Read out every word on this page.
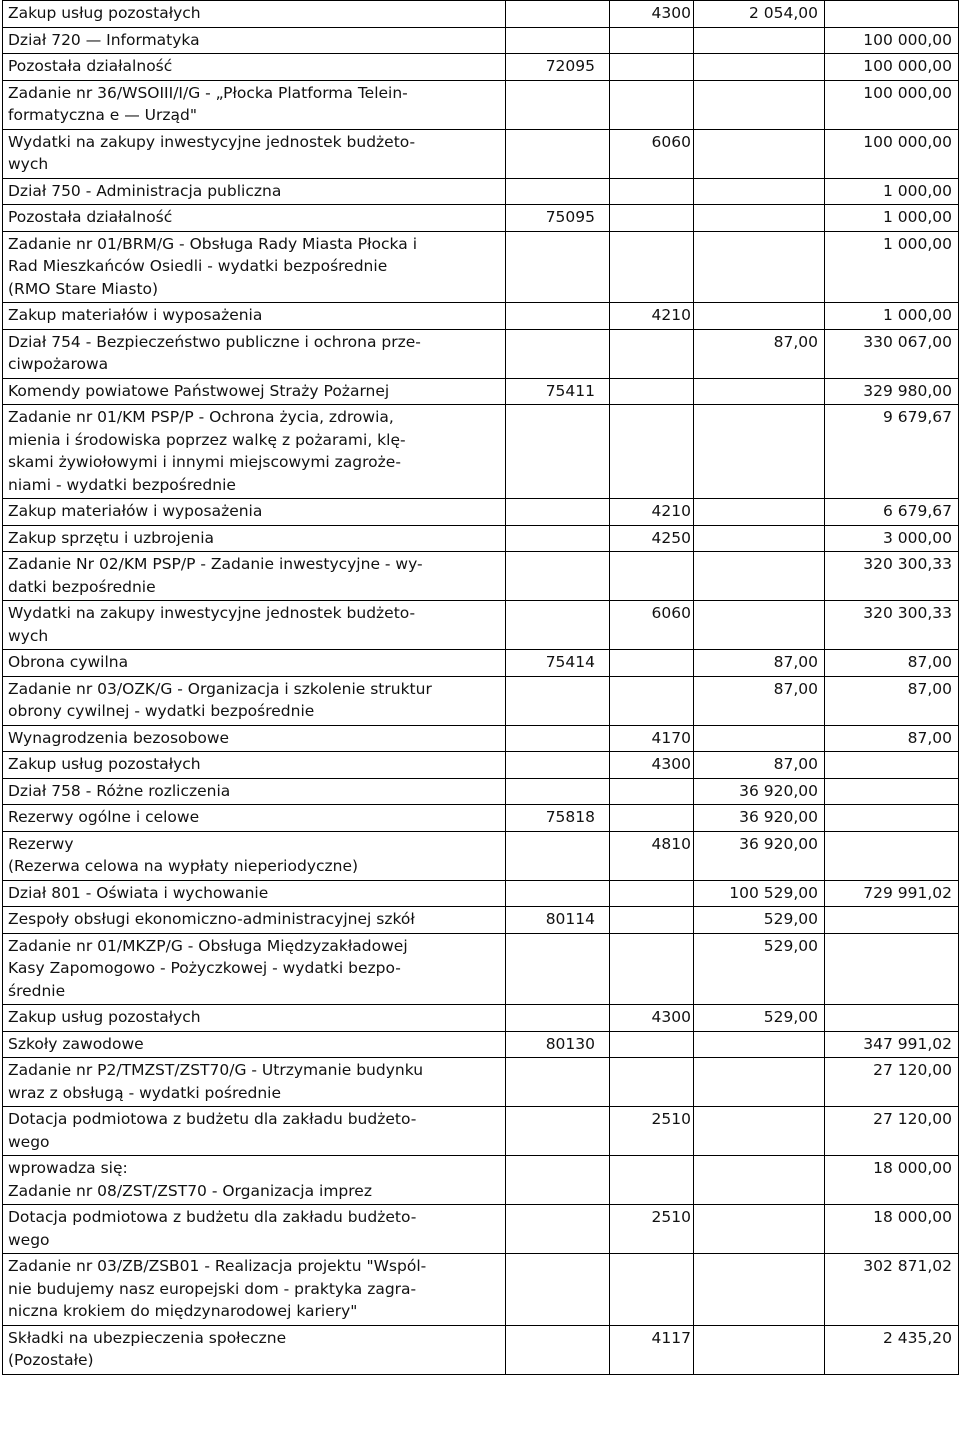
Zakup usług pozostałych		4300	2 054,00	
Dział 720 — Informatyka				100 000,00
Pozostała działalność	72095			100 000,00
Zadanie nr 36/WSOIII/I/G - „Płocka Platforma Telein-
formatyczna e — Urząd"				100 000,00
Wydatki na zakupy inwestycyjne jednostek budżeto-
wych		6060		100 000,00
Dział 750 - Administracja publiczna				1 000,00
Pozostała działalność	75095			1 000,00
Zadanie nr 01/BRM/G - Obsługa Rady Miasta Płocka i
Rad Mieszkańców Osiedli - wydatki bezpośrednie
(RMO Stare Miasto)				1 000,00
Zakup materiałów i wyposażenia		4210		1 000,00
Dział 754 - Bezpieczeństwo publiczne i ochrona prze-
ciwpożarowa			87,00	330 067,00
Komendy powiatowe Państwowej Straży Pożarnej	75411			329 980,00
Zadanie nr 01/KM PSP/P - Ochrona życia, zdrowia,
mienia i środowiska poprzez walkę z pożarami, klę-
skami żywiołowymi i innymi miejscowymi zagroże-
niami - wydatki bezpośrednie				9 679,67
Zakup materiałów i wyposażenia		4210		6 679,67
Zakup sprzętu i uzbrojenia		4250		3 000,00
Zadanie Nr 02/KM PSP/P - Zadanie inwestycyjne - wy-
datki bezpośrednie				320 300,33
Wydatki na zakupy inwestycyjne jednostek budżeto-
wych		6060		320 300,33
Obrona cywilna	75414		87,00	87,00
Zadanie nr 03/OZK/G - Organizacja i szkolenie struktur
obrony cywilnej - wydatki bezpośrednie			87,00	87,00
Wynagrodzenia bezosobowe		4170		87,00
Zakup usług pozostałych		4300	87,00	
Dział 758 - Różne rozliczenia			36 920,00	
Rezerwy ogólne i celowe	75818		36 920,00	
Rezerwy
(Rezerwa celowa na wypłaty nieperiodyczne)		4810	36 920,00	
Dział 801 - Oświata i wychowanie			100 529,00	729 991,02
Zespoły obsługi ekonomiczno-administracyjnej szkół	80114		529,00	
Zadanie nr 01/MKZP/G - Obsługa Międzyzakładowej
Kasy Zapomogowo - Pożyczkowej - wydatki bezpo-
średnie			529,00	
Zakup usług pozostałych		4300	529,00	
Szkoły zawodowe	80130			347 991,02
Zadanie nr P2/TMZST/ZST70/G - Utrzymanie budynku
wraz z obsługą - wydatki pośrednie				27 120,00
Dotacja podmiotowa z budżetu dla zakładu budżeto-
wego		2510		27 120,00
wprowadza się:
Zadanie nr 08/ZST/ZST70 - Organizacja imprez				18 000,00
Dotacja podmiotowa z budżetu dla zakładu budżeto-
wego		2510		18 000,00
Zadanie nr 03/ZB/ZSB01 - Realizacja projektu "Wspól-
nie budujemy nasz europejski dom - praktyka zagra-
niczna krokiem do międzynarodowej kariery"				302 871,02
Składki na ubezpieczenia społeczne
(Pozostałe)		4117		2 435,20
